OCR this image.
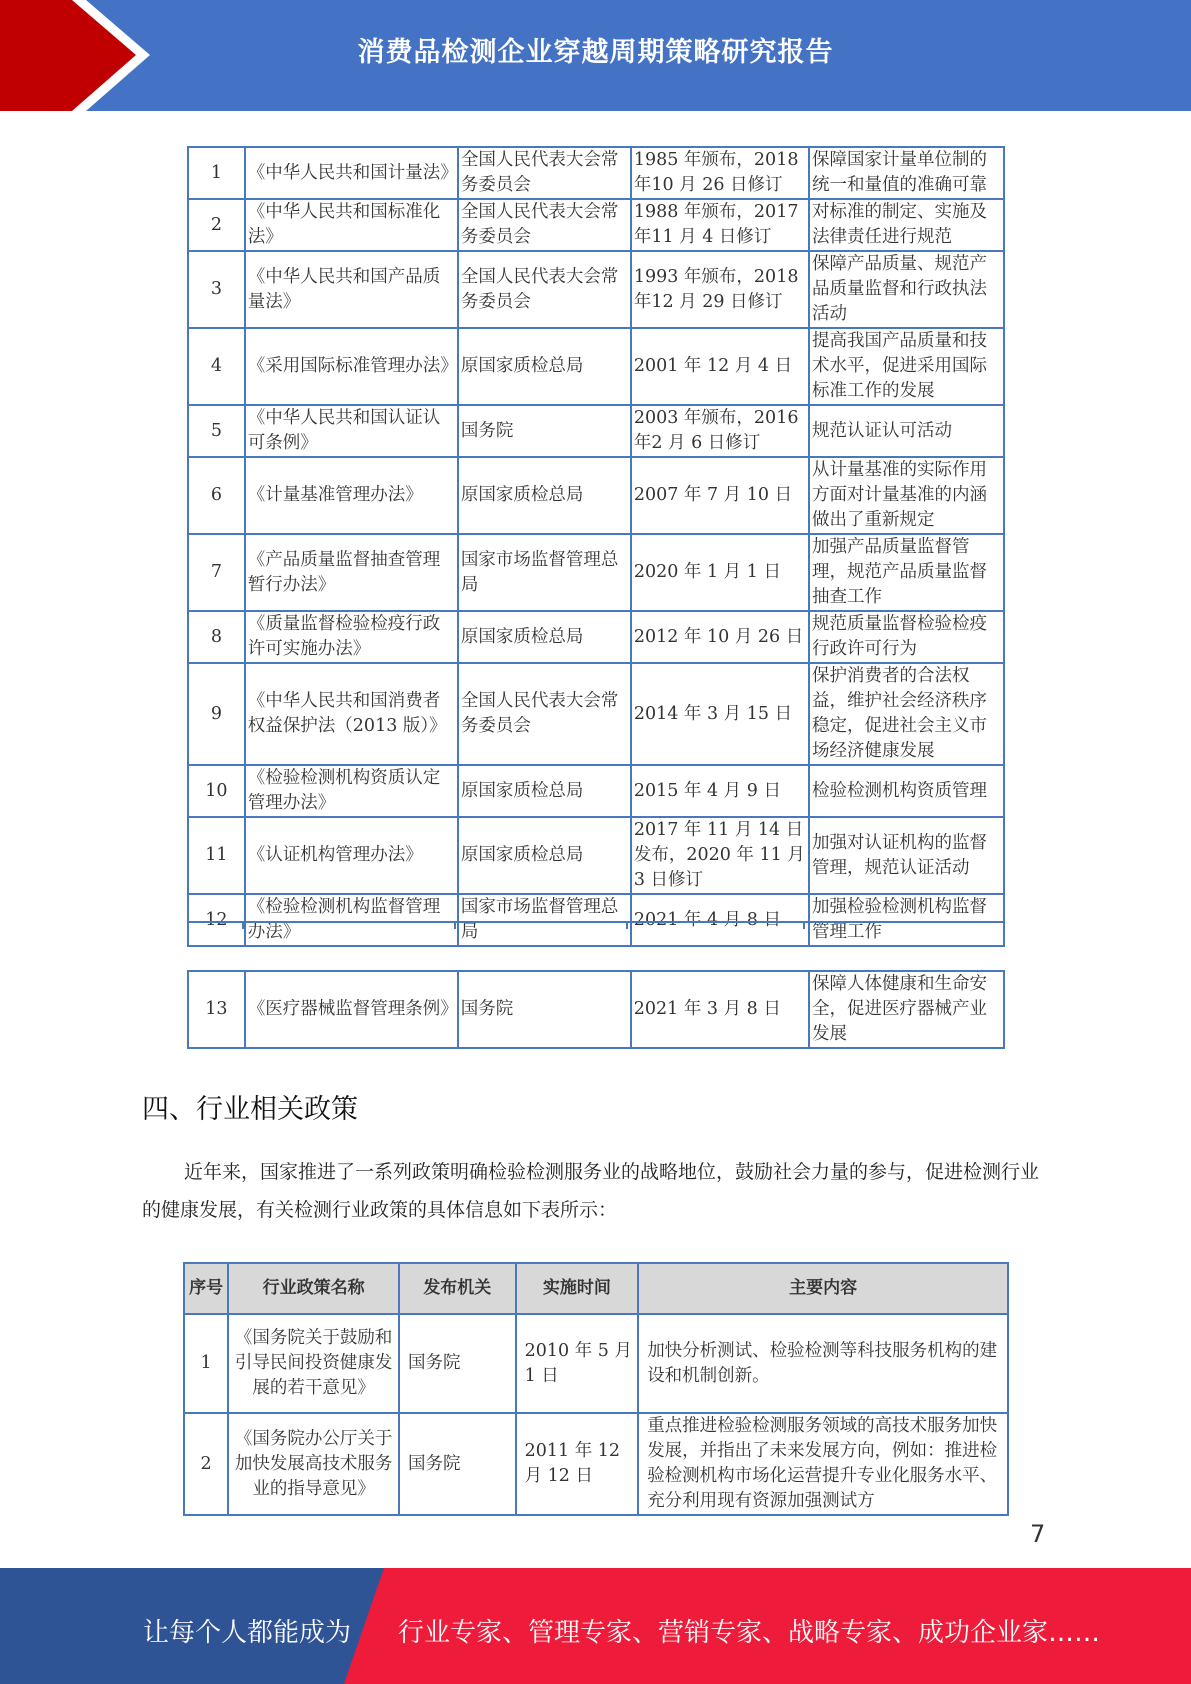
消费品检测企业穿越周期策略研究报告
1	《中华人民共和国计量法》	全国人民代表大会常务委员会	1985 年颁布，2018 年10 月 26 日修订	保障国家计量单位制的统一和量值的准确可靠
2	《中华人民共和国标准化法》	全国人民代表大会常务委员会	1988 年颁布，2017 年11 月 4 日修订	对标准的制定、实施及法律责任进行规范
3	《中华人民共和国产品质量法》	全国人民代表大会常务委员会	1993 年颁布，2018 年12 月 29 日修订	保障产品质量、规范产品质量监督和行政执法活动
4	《采用国际标准管理办法》	原国家质检总局	2001 年 12 月 4 日	提高我国产品质量和技术水平，促进采用国际标准工作的发展
5	《中华人民共和国认证认可条例》	国务院	2003 年颁布，2016 年2 月 6 日修订	规范认证认可活动
6	《计量基准管理办法》	原国家质检总局	2007 年 7 月 10 日	从计量基准的实际作用方面对计量基准的内涵做出了重新规定
7	《产品质量监督抽查管理暂行办法》	国家市场监督管理总局	2020 年 1 月 1 日	加强产品质量监督管理，规范产品质量监督抽查工作
8	《质量监督检验检疫行政许可实施办法》	原国家质检总局	2012 年 10 月 26 日	规范质量监督检验检疫行政许可行为
9	《中华人民共和国消费者权益保护法（2013 版）》	全国人民代表大会常务委员会	2014 年 3 月 15 日	保护消费者的合法权益，维护社会经济秩序稳定，促进社会主义市场经济健康发展
10	《检验检测机构资质认定管理办法》	原国家质检总局	2015 年 4 月 9 日	检验检测机构资质管理
11	《认证机构管理办法》	原国家质检总局	2017 年 11 月 14 日发布，2020 年 11 月 3 日修订	加强对认证机构的监督管理，规范认证活动
12	《检验检测机构监督管理办法》	国家市场监督管理总局	2021 年 4 月 8 日	加强检验检测机构监督管理工作
13	《医疗器械监督管理条例》	国务院	2021 年 3 月 8 日	保障人体健康和生命安全，促进医疗器械产业发展
四、行业相关政策
近年来，国家推进了一系列政策明确检验检测服务业的战略地位，鼓励社会力量的参与，促进检测行业的健康发展，有关检测行业政策的具体信息如下表所示：
序号	行业政策名称	发布机关	实施时间	主要内容
1	《国务院关于鼓励和引导民间投资健康发展的若干意见》	国务院	2010 年 5 月 1 日	加快分析测试、检验检测等科技服务机构的建设和机制创新。
2	《国务院办公厅关于加快发展高技术服务业的指导意见》	国务院	2011 年 12 月 12 日	重点推进检验检测服务领域的高技术服务加快发展，并指出了未来发展方向，例如：推进检验检测机构市场化运营提升专业化服务水平、充分利用现有资源加强测试方
7
让每个人都能成为 行业专家、管理专家、营销专家、战略专家、成功企业家……
